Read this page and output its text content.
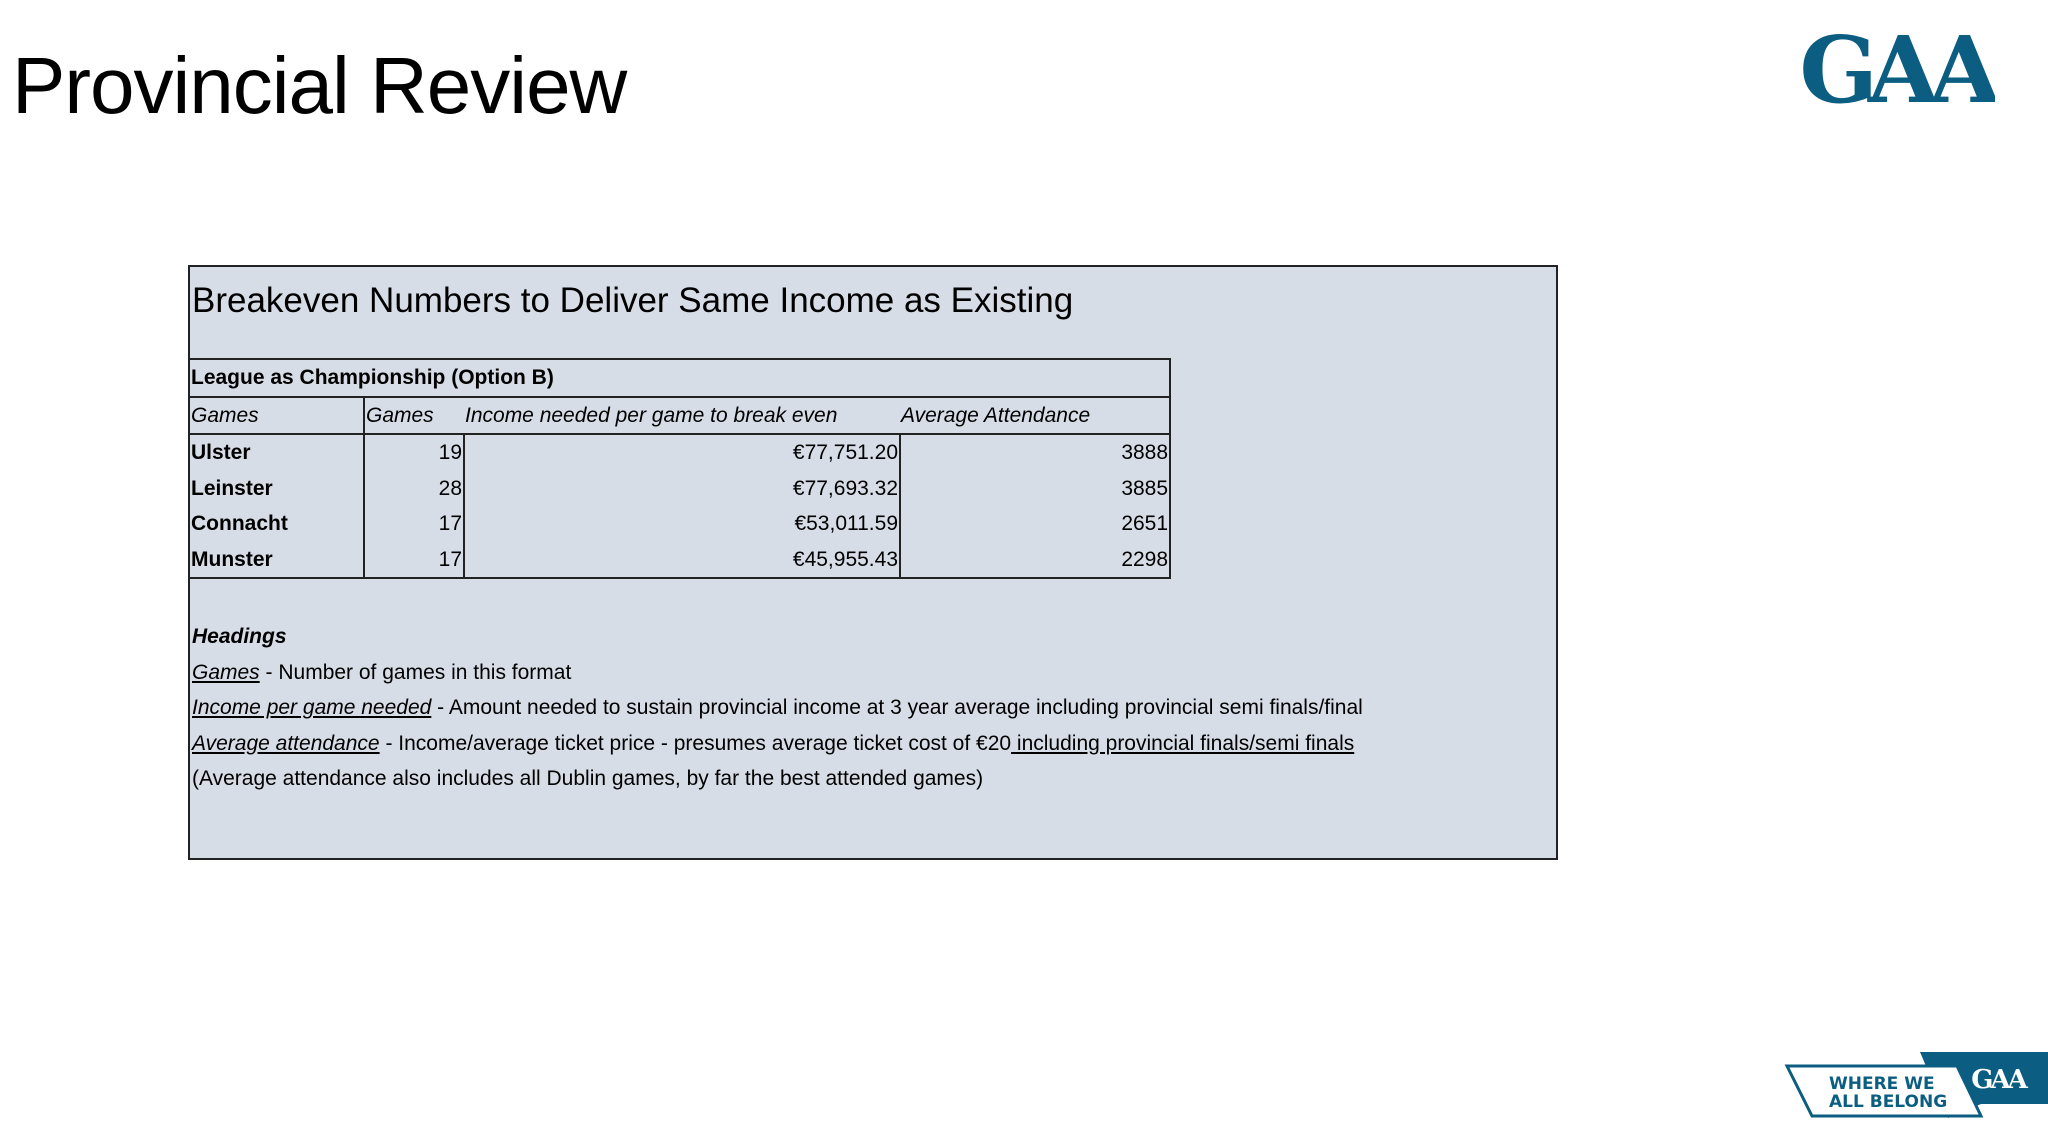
Provincial Review	GAA
Breakeven Numbers to Deliver Same Income as Existing
League as Championship (Option B)			
Games	Games	Income needed per game to break even	Average Attendance
Ulster	19	€77,751.20	3888
Leinster	28	€77,693.32	3885
Connacht	17	€53,011.59	2651
Munster	17	€45,955.43	2298
Headings
Games - Number of games in this format
Income per game needed - Amount needed to sustain provincial income at 3 year average including provincial semi finals/final
Average attendance - Income/average ticket price - presumes average ticket cost of €20 including provincial finals/semi finals
(Average attendance also includes all Dublin games, by far the best attended games)
WHERE WE
ALL BELONG
GAA
